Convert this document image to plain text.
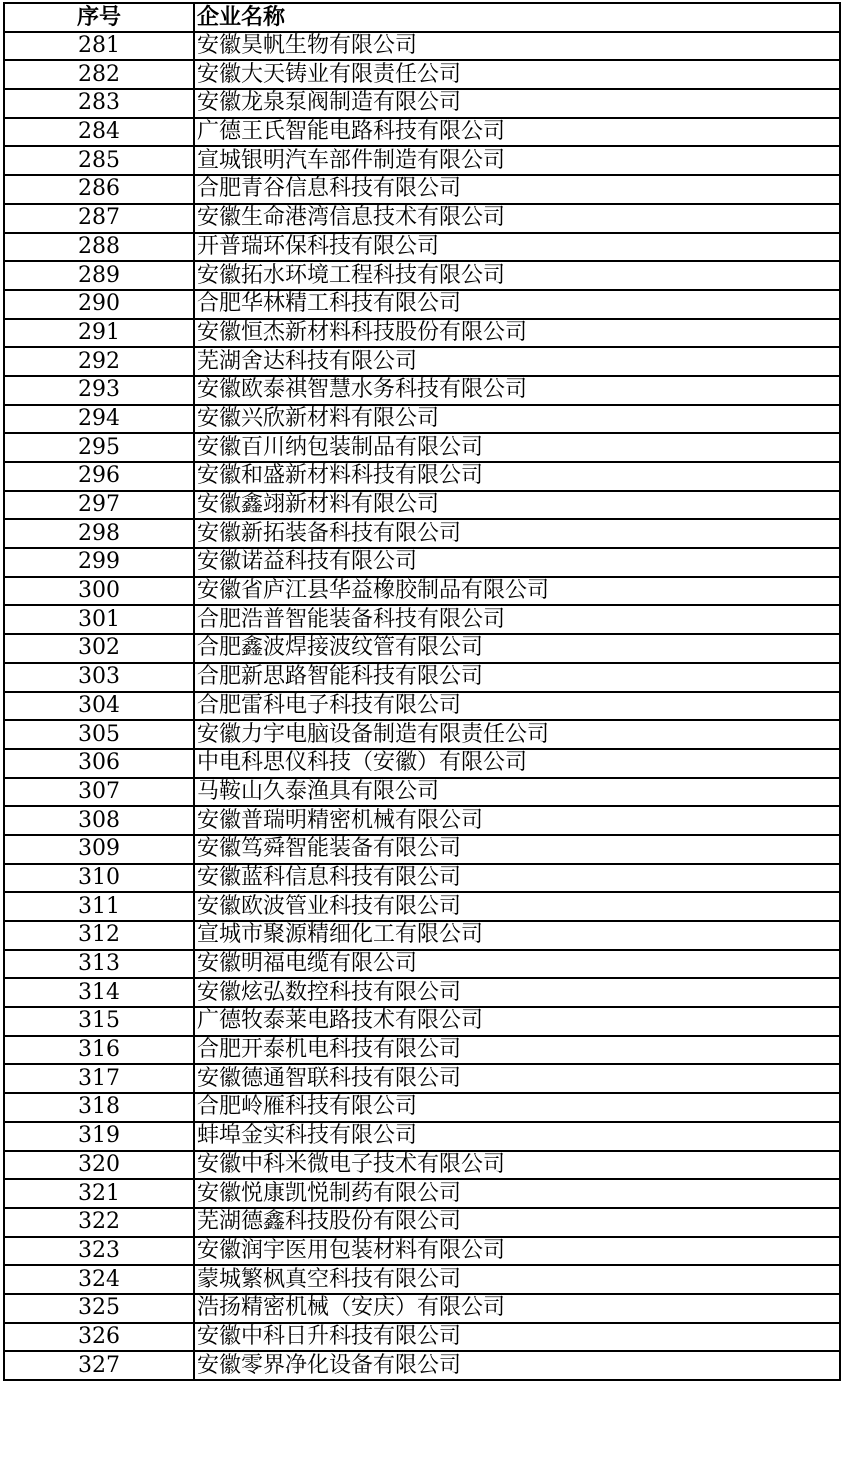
序号	企业名称
281	安徽昊帆生物有限公司
282	安徽大天铸业有限责任公司
283	安徽龙泉泵阀制造有限公司
284	广德王氏智能电路科技有限公司
285	宣城银明汽车部件制造有限公司
286	合肥青谷信息科技有限公司
287	安徽生命港湾信息技术有限公司
288	开普瑞环保科技有限公司
289	安徽拓水环境工程科技有限公司
290	合肥华林精工科技有限公司
291	安徽恒杰新材料科技股份有限公司
292	芜湖舍达科技有限公司
293	安徽欧泰祺智慧水务科技有限公司
294	安徽兴欣新材料有限公司
295	安徽百川纳包装制品有限公司
296	安徽和盛新材料科技有限公司
297	安徽鑫翊新材料有限公司
298	安徽新拓装备科技有限公司
299	安徽诺益科技有限公司
300	安徽省庐江县华益橡胶制品有限公司
301	合肥浩普智能装备科技有限公司
302	合肥鑫波焊接波纹管有限公司
303	合肥新思路智能科技有限公司
304	合肥雷科电子科技有限公司
305	安徽力宇电脑设备制造有限责任公司
306	中电科思仪科技（安徽）有限公司
307	马鞍山久泰渔具有限公司
308	安徽普瑞明精密机械有限公司
309	安徽笃舜智能装备有限公司
310	安徽蓝科信息科技有限公司
311	安徽欧波管业科技有限公司
312	宣城市聚源精细化工有限公司
313	安徽明福电缆有限公司
314	安徽炫弘数控科技有限公司
315	广德牧泰莱电路技术有限公司
316	合肥开泰机电科技有限公司
317	安徽德通智联科技有限公司
318	合肥岭雁科技有限公司
319	蚌埠金实科技有限公司
320	安徽中科米微电子技术有限公司
321	安徽悦康凯悦制药有限公司
322	芜湖德鑫科技股份有限公司
323	安徽润宇医用包装材料有限公司
324	蒙城繁枫真空科技有限公司
325	浩扬精密机械（安庆）有限公司
326	安徽中科日升科技有限公司
327	安徽零界净化设备有限公司
